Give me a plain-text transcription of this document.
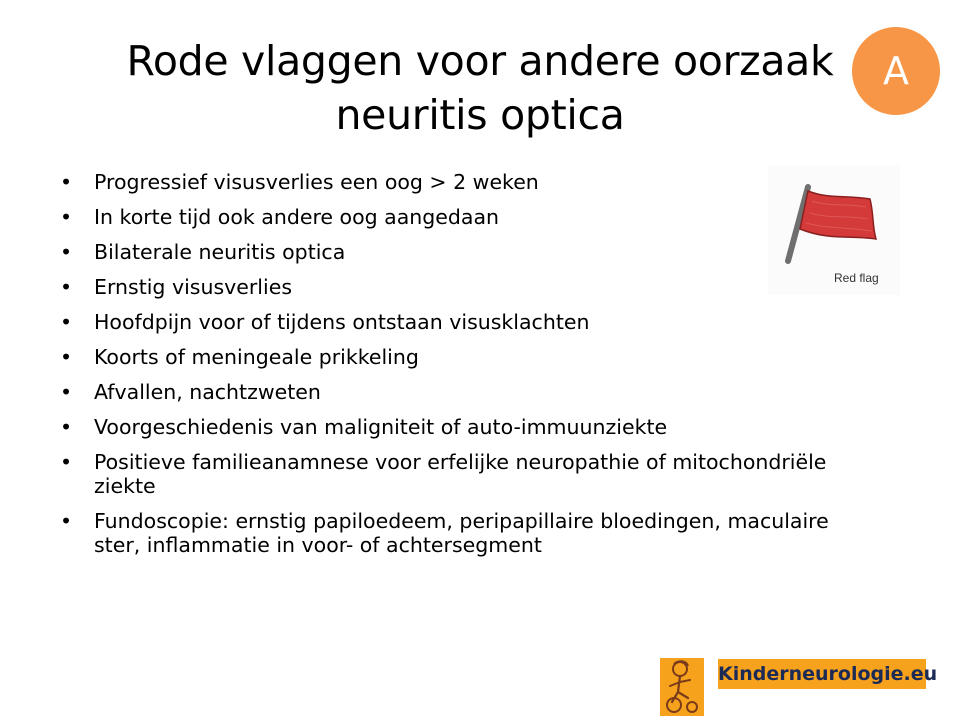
Rode vlaggen voor andere oorzaak
neuritis optica
A
• Progressief visusverlies een oog > 2 weken
• In korte tijd ook andere oog aangedaan
• Bilaterale neuritis optica
• Ernstig visusverlies
• Hoofdpijn voor of tijdens ontstaan visusklachten
• Koorts of meningeale prikkeling
• Afvallen, nachtzweten
• Voorgeschiedenis van maligniteit of auto-immuunziekte
• Positieve familieanamnese voor erfelijke neuropathie of mitochondriële ziekte
• Fundoscopie: ernstig papiloedeem, peripapillaire bloedingen, maculaire ster, inflammatie in voor- of achtersegment
Red flag
Kinderneurologie.eu
